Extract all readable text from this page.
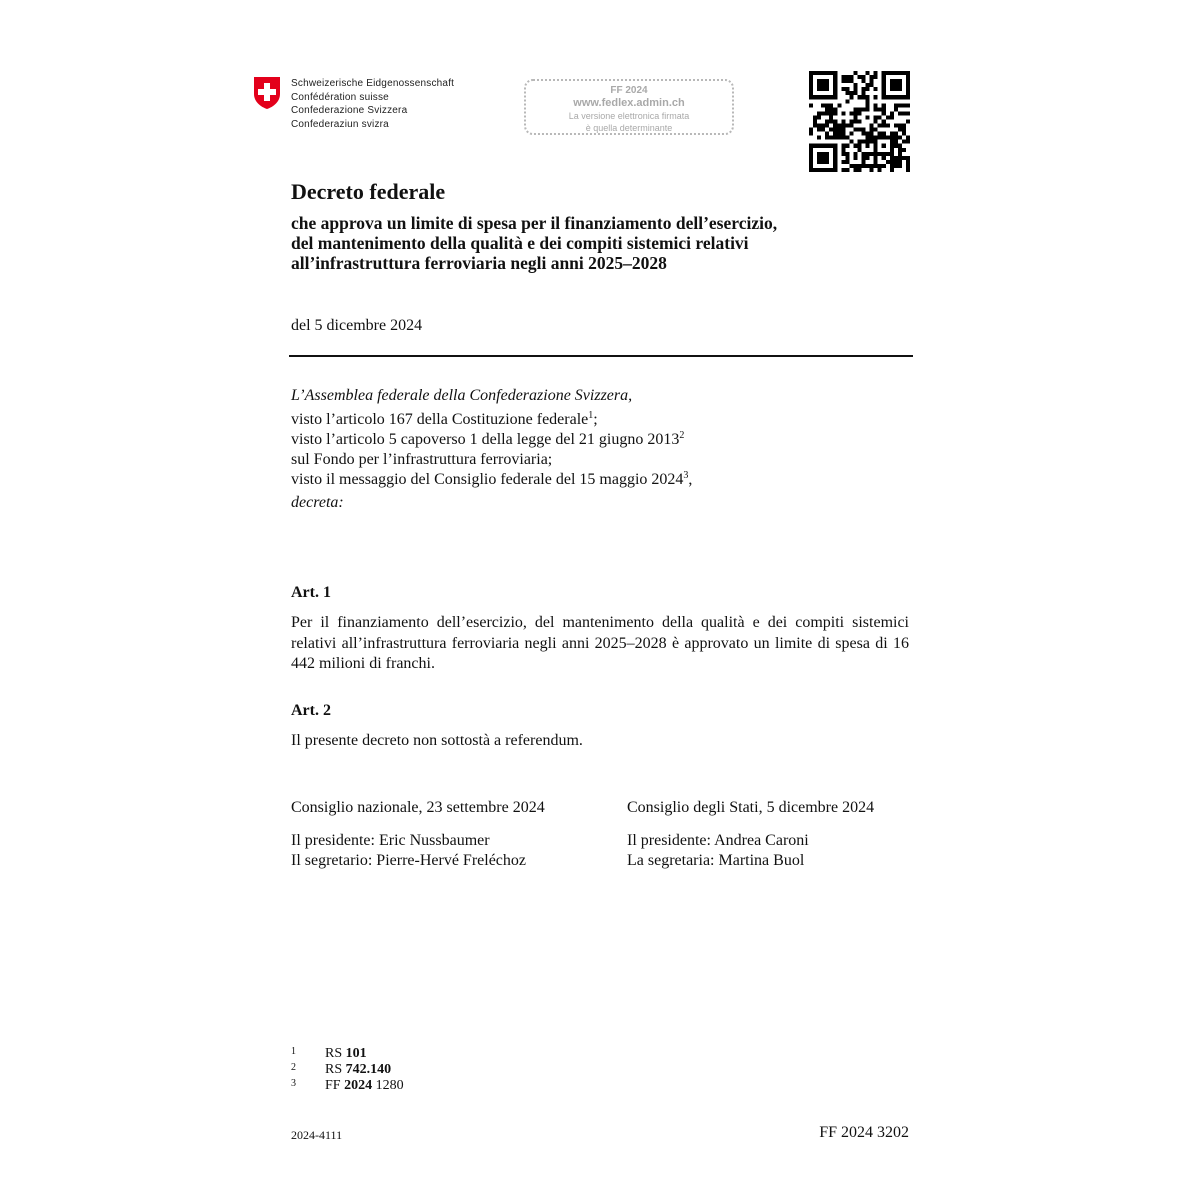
Schweizerische Eidgenossenschaft
Confédération suisse
Confederazione Svizzera
Confederaziun svizra
FF 2024
www.fedlex.admin.ch
La versione elettronica firmata
è quella determinante
Decreto federale
che approva un limite di spesa per il finanziamento dell’esercizio,
del mantenimento della qualità e dei compiti sistemici relativi
all’infrastruttura ferroviaria negli anni 2025–2028
del 5 dicembre 2024
L’Assemblea federale della Confederazione Svizzera,
visto l’articolo 167 della Costituzione federale$^1$;
visto l’articolo 5 capoverso 1 della legge del 21 giugno 2013$^2$
sul Fondo per l’infrastruttura ferroviaria;
visto il messaggio del Consiglio federale del 15 maggio 2024$^3$,
decreta:
Art. 1
Per il finanziamento dell’esercizio, del mantenimento della qualità e dei compiti sistemici relativi all’infrastruttura ferroviaria negli anni 2025–2028 è approvato un limite di spesa di 16 442 milioni di franchi.
Art. 2
Il presente decreto non sottostà a referendum.
Consiglio nazionale, 23 settembre 2024
Il presidente: Eric Nussbaumer
Il segretario: Pierre-Hervé Freléchoz
Consiglio degli Stati, 5 dicembre 2024
Il presidente: Andrea Caroni
La segretaria: Martina Buol
1	RS 101
2	RS 742.140
3	FF 2024 1280
2024-4111	FF 2024 3202
